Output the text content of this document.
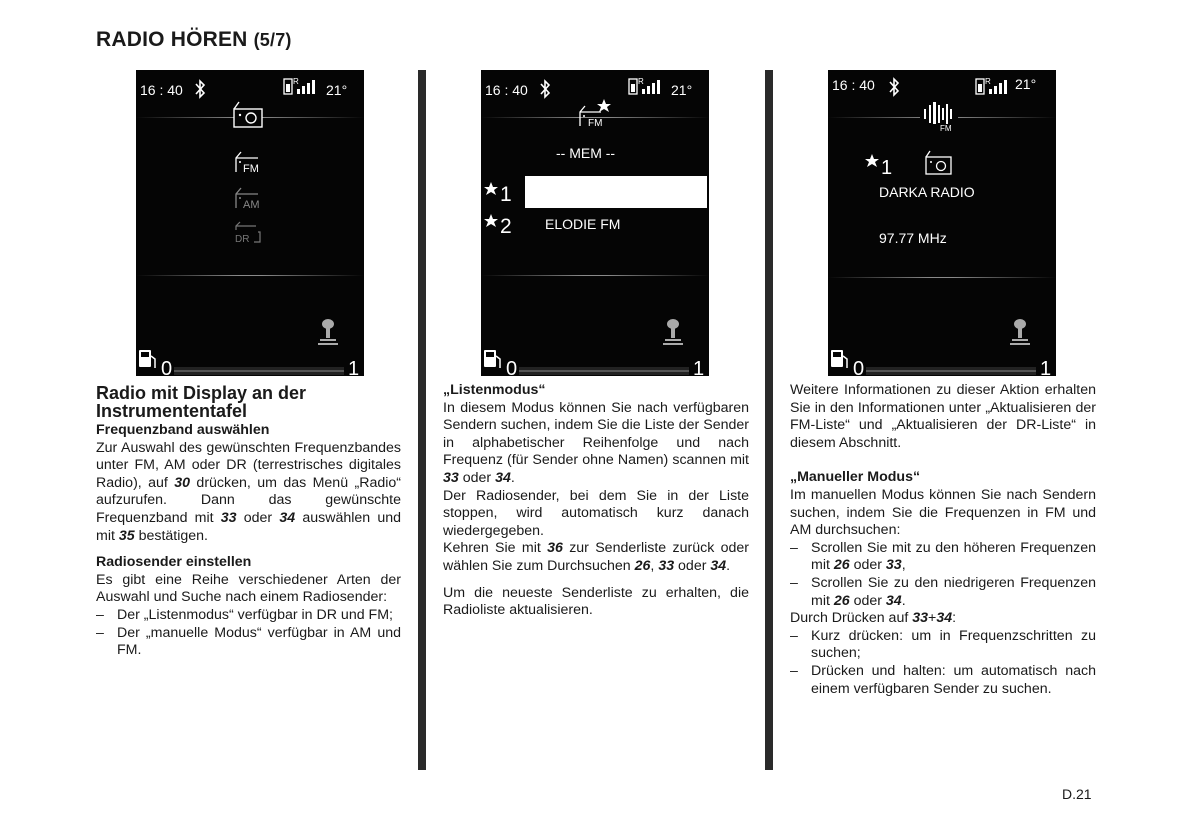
RADIO HÖREN (5/7)
16 : 40
R
21°
FM
AM
DR
0	1
16 : 40
R
21°
FM
-- MEM --
1
2 ELODIE FM
0	1
16 : 40	R 21°
FM
1
DARKA RADIO
97.77 MHz
0	1

Radio mit Display an der Instrumententafel

Frequenzband auswählen

Zur Auswahl des gewünschten Frequenzbandes unter FM, AM oder DR (terrestrisches digitales Radio), auf 30 drücken, um das Menü „Radio“ aufzurufen. Dann das gewünschte Frequenzband mit 33 oder 34 auswählen und mit 35 bestätigen.

Radiosender einstellen

Es gibt eine Reihe verschiedener Arten der Auswahl und Suche nach einem Radiosender:

– Der „Listenmodus“ verfügbar in DR und FM;

– Der „manuelle Modus“ verfügbar in AM und FM.

„Listenmodus“

In diesem Modus können Sie nach verfügbaren Sendern suchen, indem Sie die Liste der Sender in alphabetischer Reihenfolge und nach Frequenz (für Sender ohne Namen) scannen mit 33 oder 34.

Der Radiosender, bei dem Sie in der Liste stoppen, wird automatisch kurz danach wiedergegeben.

Kehren Sie mit 36 zur Senderliste zurück oder wählen Sie zum Durchsuchen 26, 33 oder 34.

Um die neueste Senderliste zu erhalten, die Radioliste aktualisieren.

Weitere Informationen zu dieser Aktion erhalten Sie in den Informationen unter „Aktualisieren der FM-Liste“ und „Aktualisieren der DR-Liste“ in diesem Abschnitt.

„Manueller Modus“

Im manuellen Modus können Sie nach Sendern suchen, indem Sie die Frequenzen in FM und AM durchsuchen:

– Scrollen Sie mit zu den höheren Frequenzen mit 26 oder 33,

– Scrollen Sie zu den niedrigeren Frequenzen mit 26 oder 34.

Durch Drücken auf 33+34:

– Kurz drücken: um in Frequenzschritten zu suchen;

– Drücken und halten: um automatisch nach einem verfügbaren Sender zu suchen.

D.21
